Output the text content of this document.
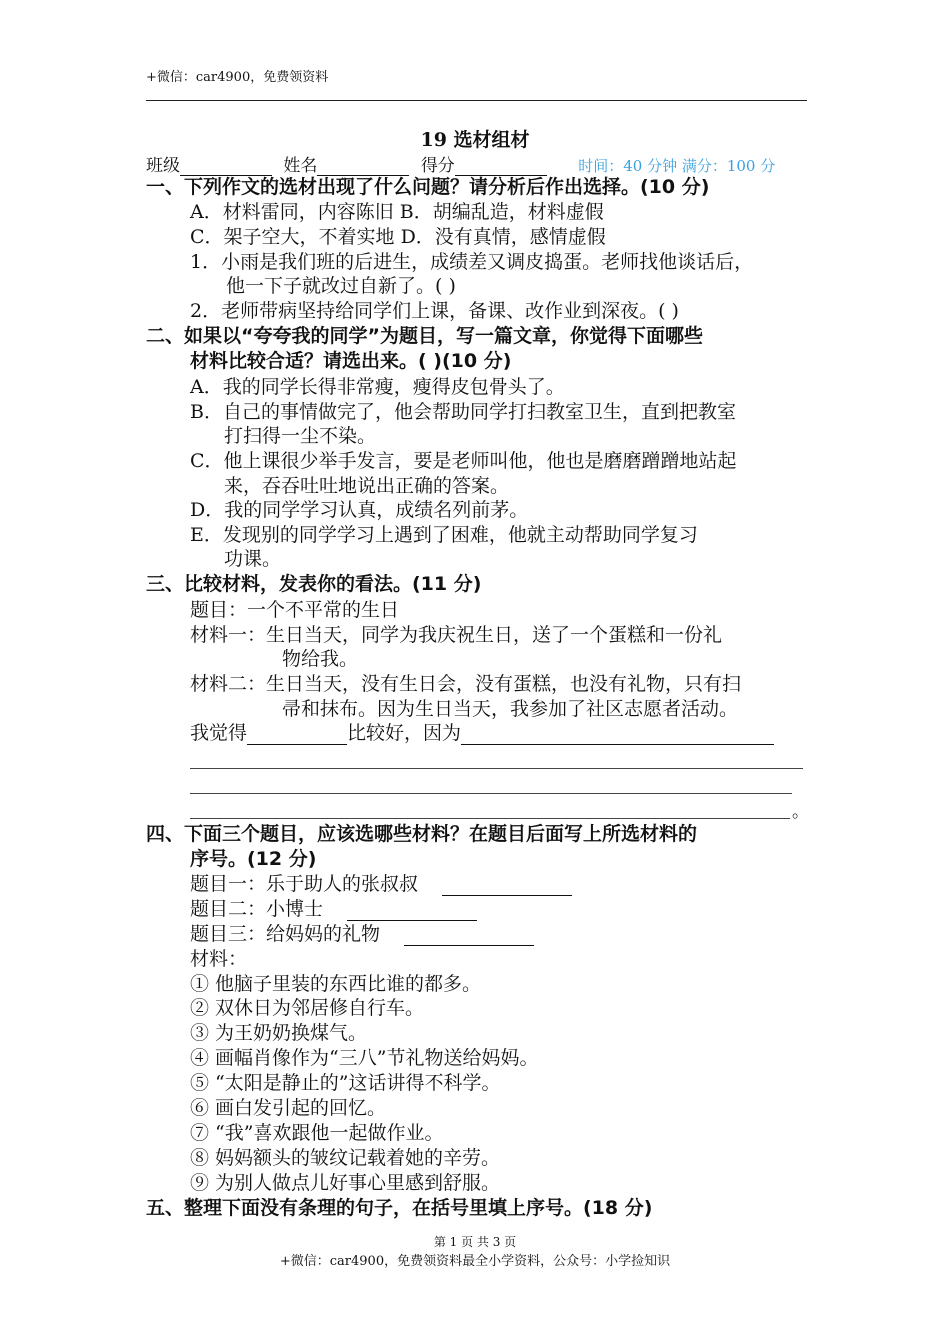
+微信：car4900，免费领资料
19 选材组材
班级	姓名	得分	时间：40 分钟 满分：100 分
一、下列作文的选材出现了什么问题？请分析后作出选择。(10 分)
A．材料雷同，内容陈旧 B．胡编乱造，材料虚假
C．架子空大，不着实地 D．没有真情，感情虚假
1．小雨是我们班的后进生，成绩差又调皮捣蛋。老师找他谈话后，
他一下子就改过自新了。( )
2．老师带病坚持给同学们上课，备课、改作业到深夜。( )
二、如果以“夸夸我的同学”为题目，写一篇文章，你觉得下面哪些
材料比较合适？请选出来。( )(10 分)
A．我的同学长得非常瘦，瘦得皮包骨头了。
B．自己的事情做完了，他会帮助同学打扫教室卫生，直到把教室
打扫得一尘不染。
C．他上课很少举手发言，要是老师叫他，他也是磨磨蹭蹭地站起
来，吞吞吐吐地说出正确的答案。
D．我的同学学习认真，成绩名列前茅。
E．发现别的同学学习上遇到了困难，他就主动帮助同学复习
功课。
三、比较材料，发表你的看法。(11 分)
题目：一个不平常的生日
材料一：生日当天，同学为我庆祝生日，送了一个蛋糕和一份礼
物给我。
材料二：生日当天，没有生日会，没有蛋糕，也没有礼物，只有扫
帚和抹布。因为生日当天，我参加了社区志愿者活动。
我觉得	比较好，因为
。
四、下面三个题目，应该选哪些材料？在题目后面写上所选材料的
序号。(12 分)
题目一：乐于助人的张叔叔
题目二：小博士
题目三：给妈妈的礼物
材料：
① 他脑子里装的东西比谁的都多。
② 双休日为邻居修自行车。
③ 为王奶奶换煤气。
④ 画幅肖像作为“三八”节礼物送给妈妈。
⑤ “太阳是静止的”这话讲得不科学。
⑥ 画白发引起的回忆。
⑦ “我”喜欢跟他一起做作业。
⑧ 妈妈额头的皱纹记载着她的辛劳。
⑨ 为别人做点儿好事心里感到舒服。
五、整理下面没有条理的句子，在括号里填上序号。(18 分)
第 1 页 共 3 页
+微信：car4900，免费领资料最全小学资料，公众号：小学捡知识
